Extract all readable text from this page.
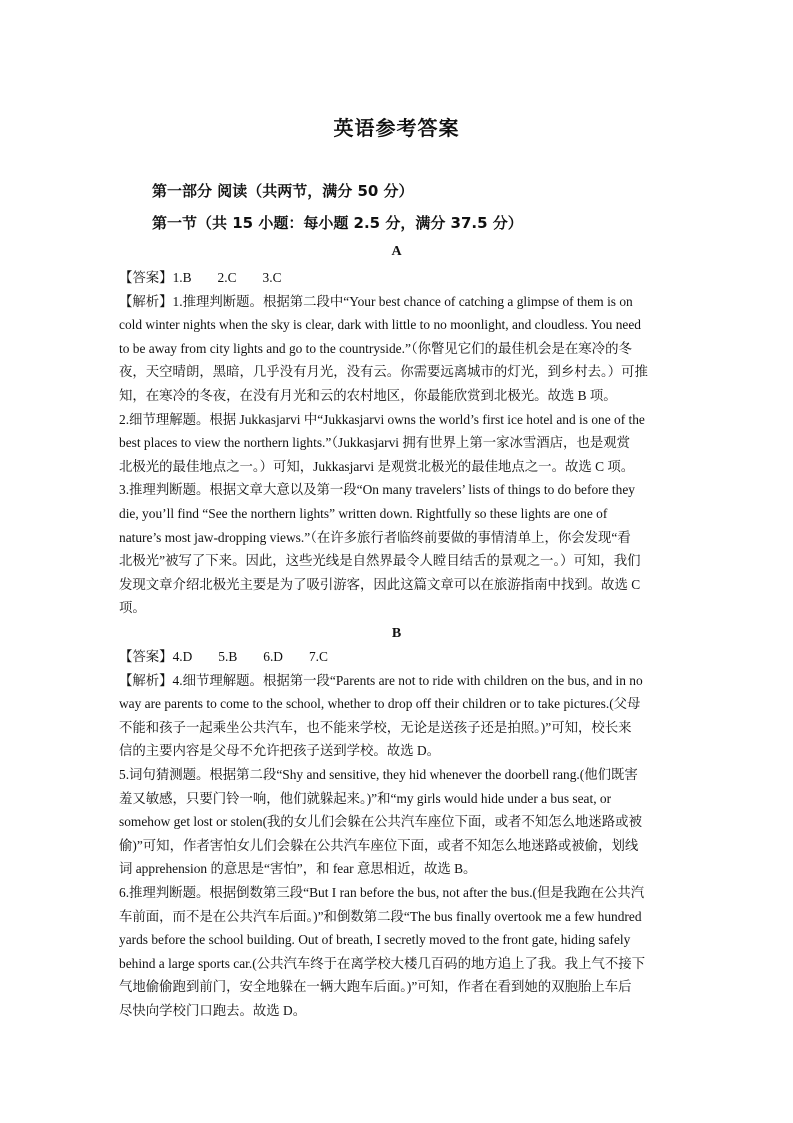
英语参考答案
第一部分 阅读（共两节，满分 50 分）
第一节（共 15 小题：每小题 2.5 分，满分 37.5 分）
A
【答案】1.B 2.C 3.C
【解析】1.推理判断题。根据第二段中“Your best chance of catching a glimpse of them is on
cold winter nights when the sky is clear, dark with little to no moonlight, and cloudless. You need
to be away from city lights and go to the countryside.”（你瞥见它们的最佳机会是在寒冷的冬
夜，天空晴朗，黑暗，几乎没有月光，没有云。你需要远离城市的灯光，到乡村去。）可推
知，在寒冷的冬夜，在没有月光和云的农村地区，你最能欣赏到北极光。故选 B 项。
2.细节理解题。根据 Jukkasjarvi 中“Jukkasjarvi owns the world’s first ice hotel and is one of the
best places to view the northern lights.”（Jukkasjarvi 拥有世界上第一家冰雪酒店，也是观赏
北极光的最佳地点之一。）可知，Jukkasjarvi 是观赏北极光的最佳地点之一。故选 C 项。
3.推理判断题。根据文章大意以及第一段“On many travelers’ lists of things to do before they
die, you’ll find “See the northern lights” written down. Rightfully so these lights are one of
nature’s most jaw-dropping views.”（在许多旅行者临终前要做的事情清单上，你会发现“看
北极光”被写了下来。因此，这些光线是自然界最令人瞠目结舌的景观之一。）可知，我们
发现文章介绍北极光主要是为了吸引游客，因此这篇文章可以在旅游指南中找到。故选 C
项。
B
【答案】4.D 5.B 6.D 7.C
【解析】4.细节理解题。根据第一段“Parents are not to ride with children on the bus, and in no
way are parents to come to the school, whether to drop off their children or to take pictures.(父母
不能和孩子一起乘坐公共汽车，也不能来学校，无论是送孩子还是拍照。)”可知，校长来
信的主要内容是父母不允许把孩子送到学校。故选 D。
5.词句猜测题。根据第二段“Shy and sensitive, they hid whenever the doorbell rang.(他们既害
羞又敏感，只要门铃一响，他们就躲起来。)”和“my girls would hide under a bus seat, or
somehow get lost or stolen(我的女儿们会躲在公共汽车座位下面，或者不知怎么地迷路或被
偷)”可知，作者害怕女儿们会躲在公共汽车座位下面，或者不知怎么地迷路或被偷，划线
词 apprehension 的意思是“害怕”，和 fear 意思相近，故选 B。
6.推理判断题。根据倒数第三段“But I ran before the bus, not after the bus.(但是我跑在公共汽
车前面，而不是在公共汽车后面。)”和倒数第二段“The bus finally overtook me a few hundred
yards before the school building. Out of breath, I secretly moved to the front gate, hiding safely
behind a large sports car.(公共汽车终于在离学校大楼几百码的地方追上了我。我上气不接下
气地偷偷跑到前门，安全地躲在一辆大跑车后面。)”可知，作者在看到她的双胞胎上车后
尽快向学校门口跑去。故选 D。
